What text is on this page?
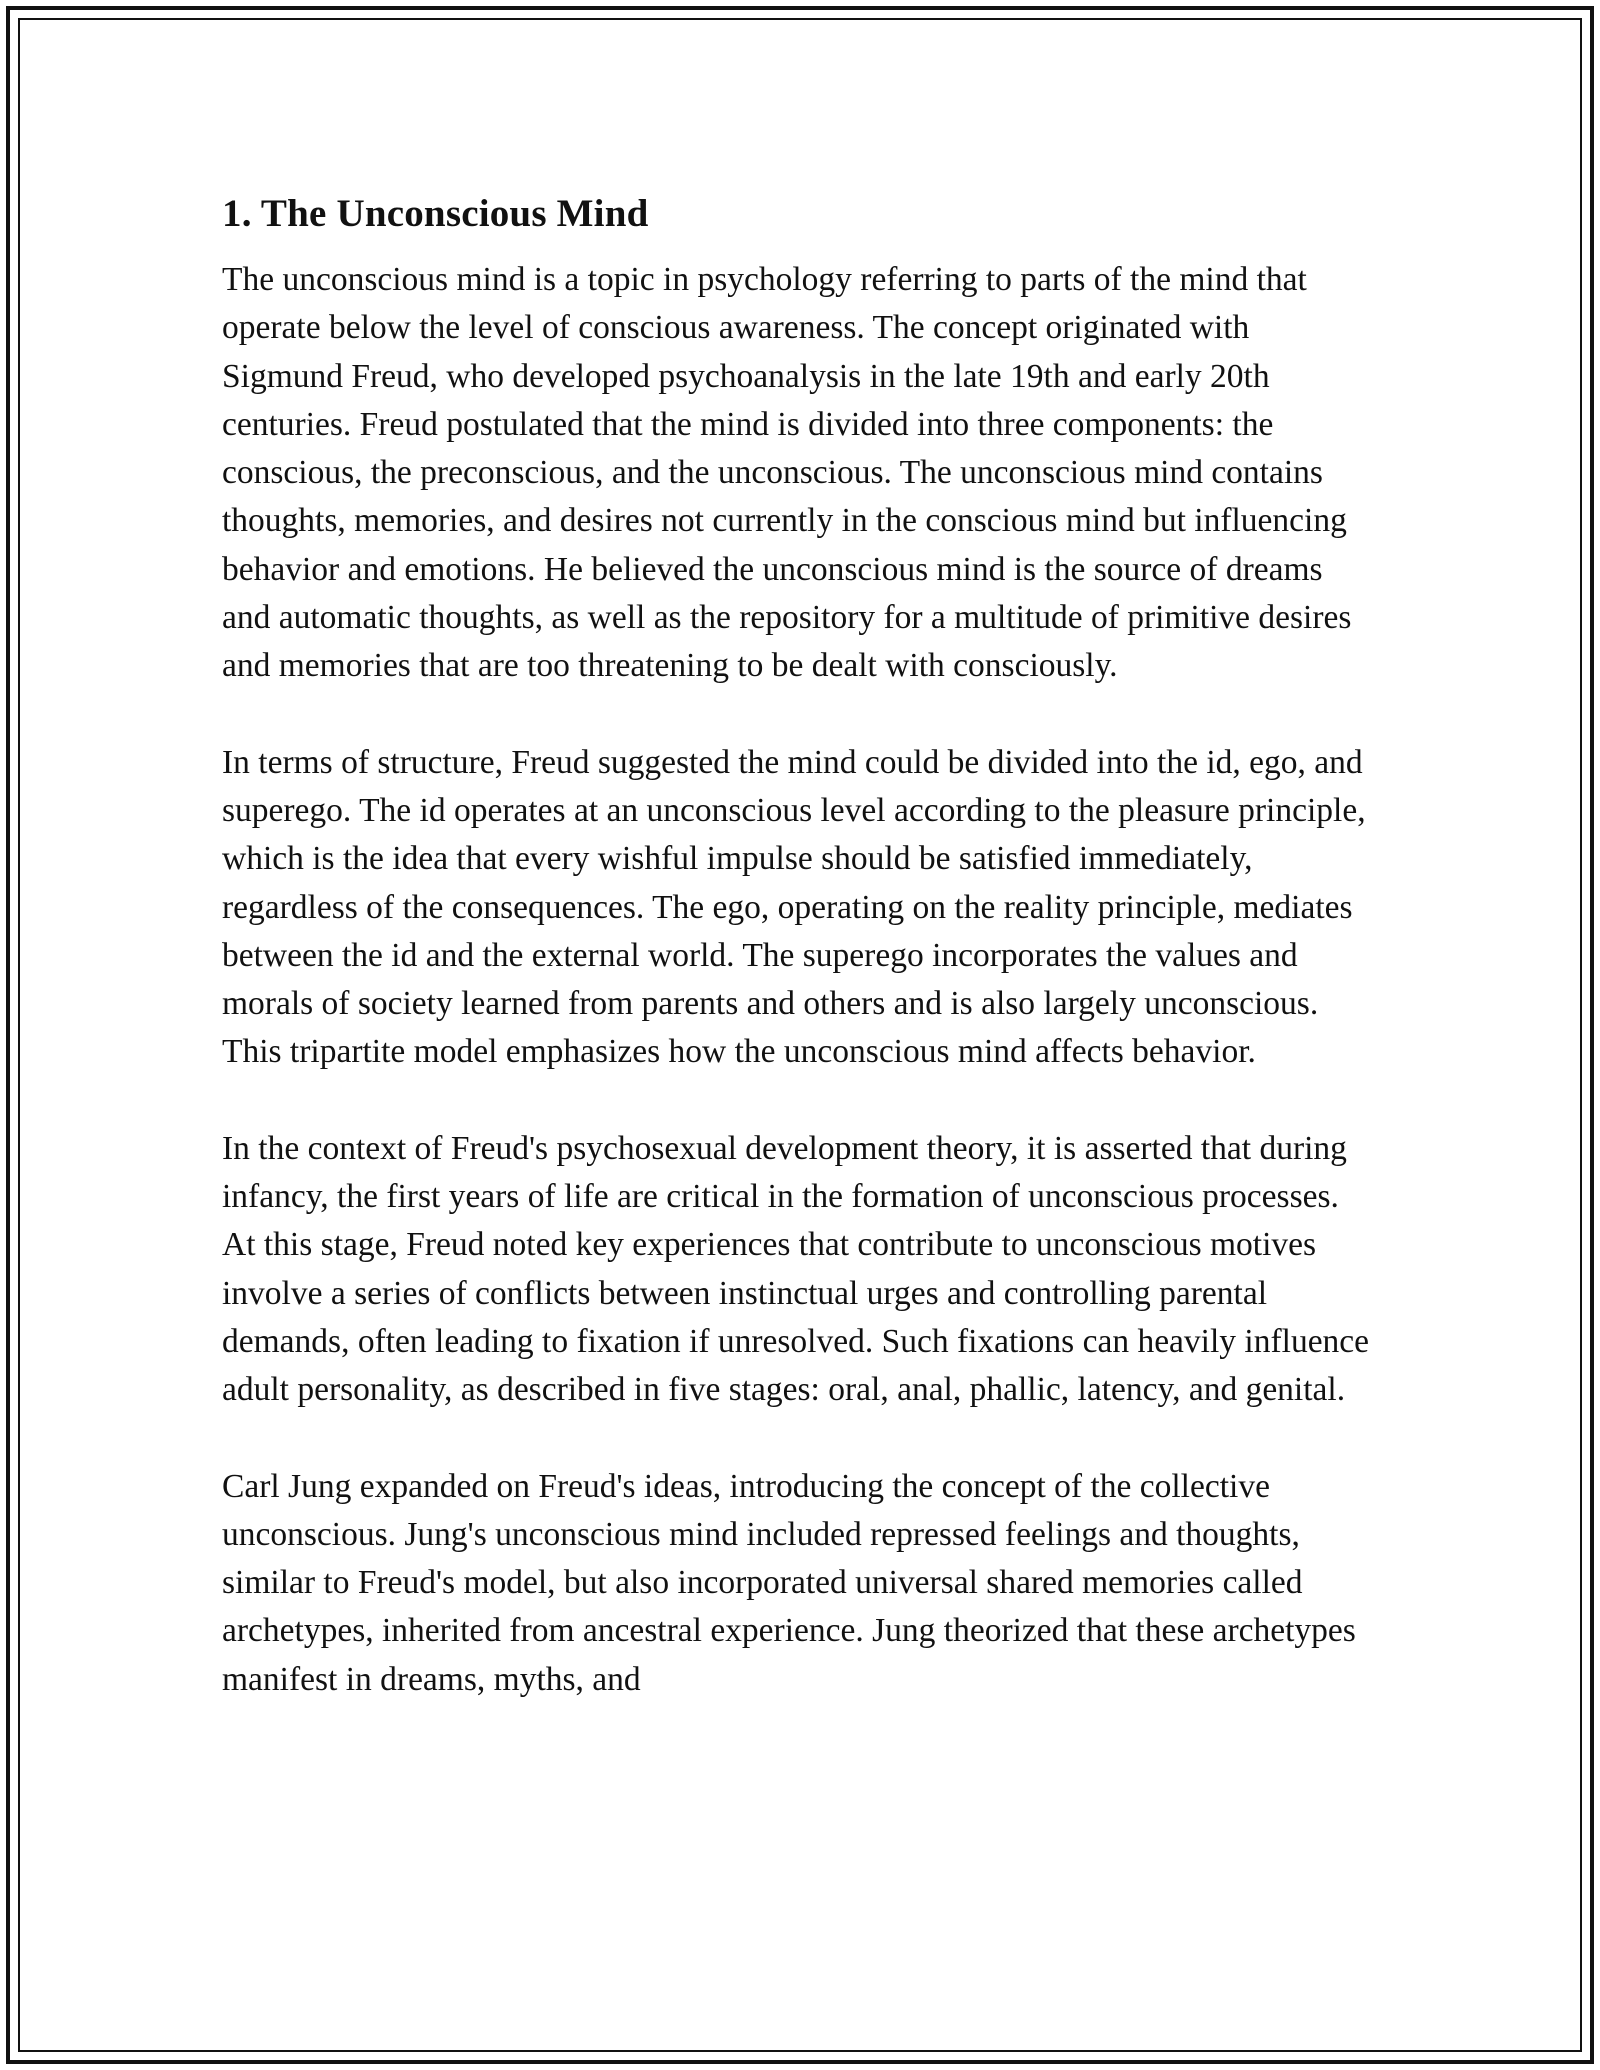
1. The Unconscious Mind

The unconscious mind is a topic in psychology referring to parts of the mind that operate below the level of conscious awareness. The concept originated with Sigmund Freud, who developed psychoanalysis in the late 19th and early 20th centuries. Freud postulated that the mind is divided into three components: the conscious, the preconscious, and the unconscious. The unconscious mind contains thoughts, memories, and desires not currently in the conscious mind but influencing behavior and emotions. He believed the unconscious mind is the source of dreams and automatic thoughts, as well as the repository for a multitude of primitive desires and memories that are too threatening to be dealt with consciously.

In terms of structure, Freud suggested the mind could be divided into the id, ego, and superego. The id operates at an unconscious level according to the pleasure principle, which is the idea that every wishful impulse should be satisfied immediately, regardless of the consequences. The ego, operating on the reality principle, mediates between the id and the external world. The superego incorporates the values and morals of society learned from parents and others and is also largely unconscious. This tripartite model emphasizes how the unconscious mind affects behavior.

In the context of Freud's psychosexual development theory, it is asserted that during infancy, the first years of life are critical in the formation of unconscious processes. At this stage, Freud noted key experiences that contribute to unconscious motives involve a series of conflicts between instinctual urges and controlling parental demands, often leading to fixation if unresolved. Such fixations can heavily influence adult personality, as described in five stages: oral, anal, phallic, latency, and genital.

Carl Jung expanded on Freud's ideas, introducing the concept of the collective unconscious. Jung's unconscious mind included repressed feelings and thoughts, similar to Freud's model, but also incorporated universal shared memories called archetypes, inherited from ancestral experience. Jung theorized that these archetypes manifest in dreams, myths, and
